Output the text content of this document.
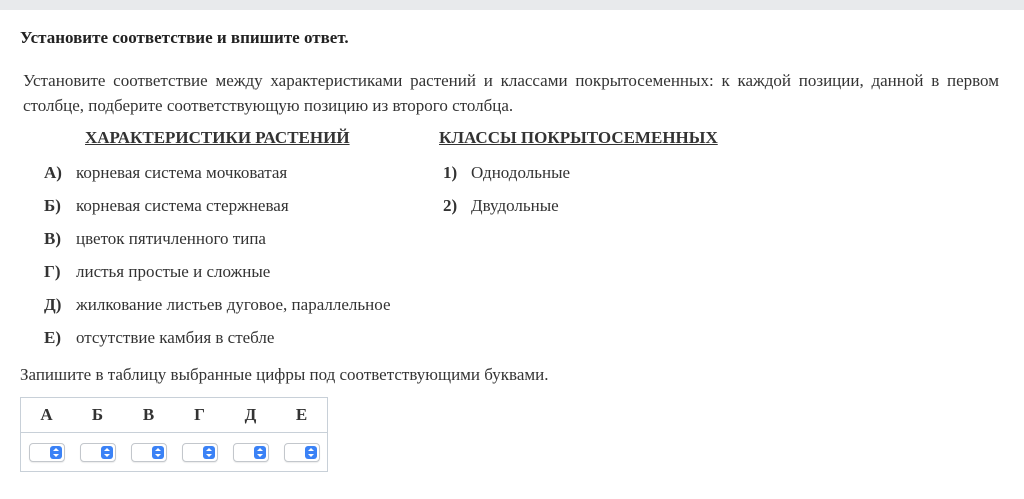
Установите соответствие и впишите ответ.
Установите соответствие между характеристиками растений и классами покрытосеменных: к каждой позиции, данной в первом столбце, подберите соответствующую позицию из второго столбца.
ХАРАКТЕРИСТИКИ РАСТЕНИЙ	КЛАССЫ ПОКРЫТОСЕМЕННЫХ
А) корневая система мочковатая
Б) корневая система стержневая
В) цветок пятичленного типа
Г) листья простые и сложные
Д) жилкование листьев дуговое, параллельное
Е) отсутствие камбия в стебле
1) Однодольные
2) Двудольные
Запишите в таблицу выбранные цифры под соответствующими буквами.
А	Б	В	Г	Д	Е
